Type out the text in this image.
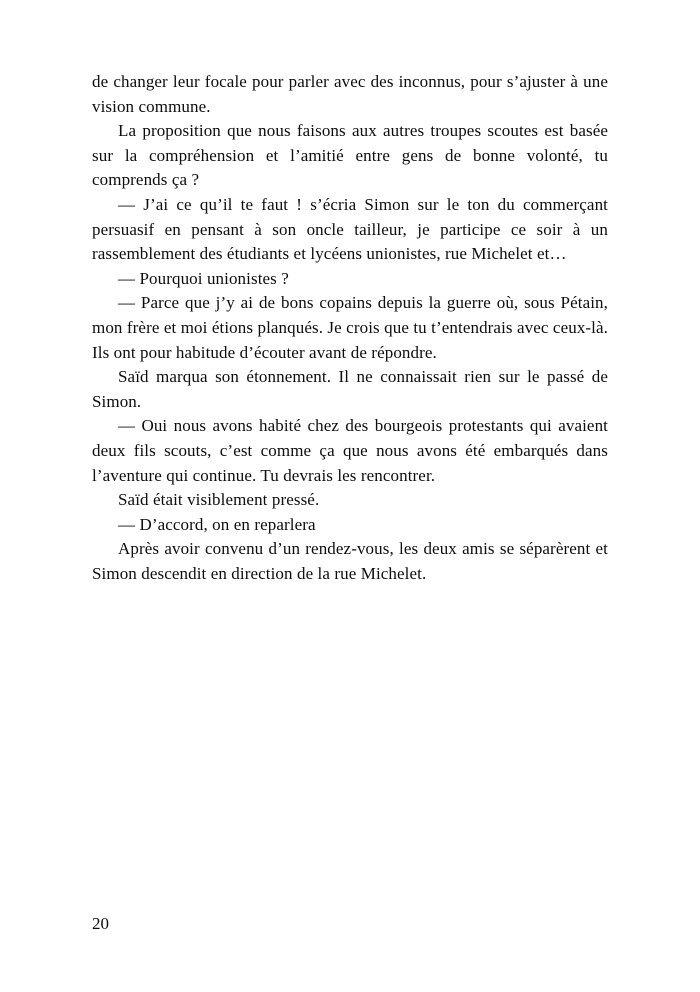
de changer leur focale pour parler avec des inconnus, pour s’ajuster à une vision commune.

La proposition que nous faisons aux autres troupes scoutes est basée sur la compréhension et l’amitié entre gens de bonne volonté, tu comprends ça ?

— J’ai ce qu’il te faut ! s’écria Simon sur le ton du commerçant persuasif en pensant à son oncle tailleur, je participe ce soir à un rassemblement des étudiants et lycéens unionistes, rue Michelet et…

— Pourquoi unionistes ?

— Parce que j’y ai de bons copains depuis la guerre où, sous Pétain, mon frère et moi étions planqués. Je crois que tu t’entendrais avec ceux-là. Ils ont pour habitude d’écouter avant de répondre.

Saïd marqua son étonnement. Il ne connaissait rien sur le passé de Simon.

— Oui nous avons habité chez des bourgeois protestants qui avaient deux fils scouts, c’est comme ça que nous avons été embarqués dans l’aventure qui continue. Tu devrais les rencontrer.

Saïd était visiblement pressé.

— D’accord, on en reparlera

Après avoir convenu d’un rendez-vous, les deux amis se séparèrent et Simon descendit en direction de la rue Michelet.

20
